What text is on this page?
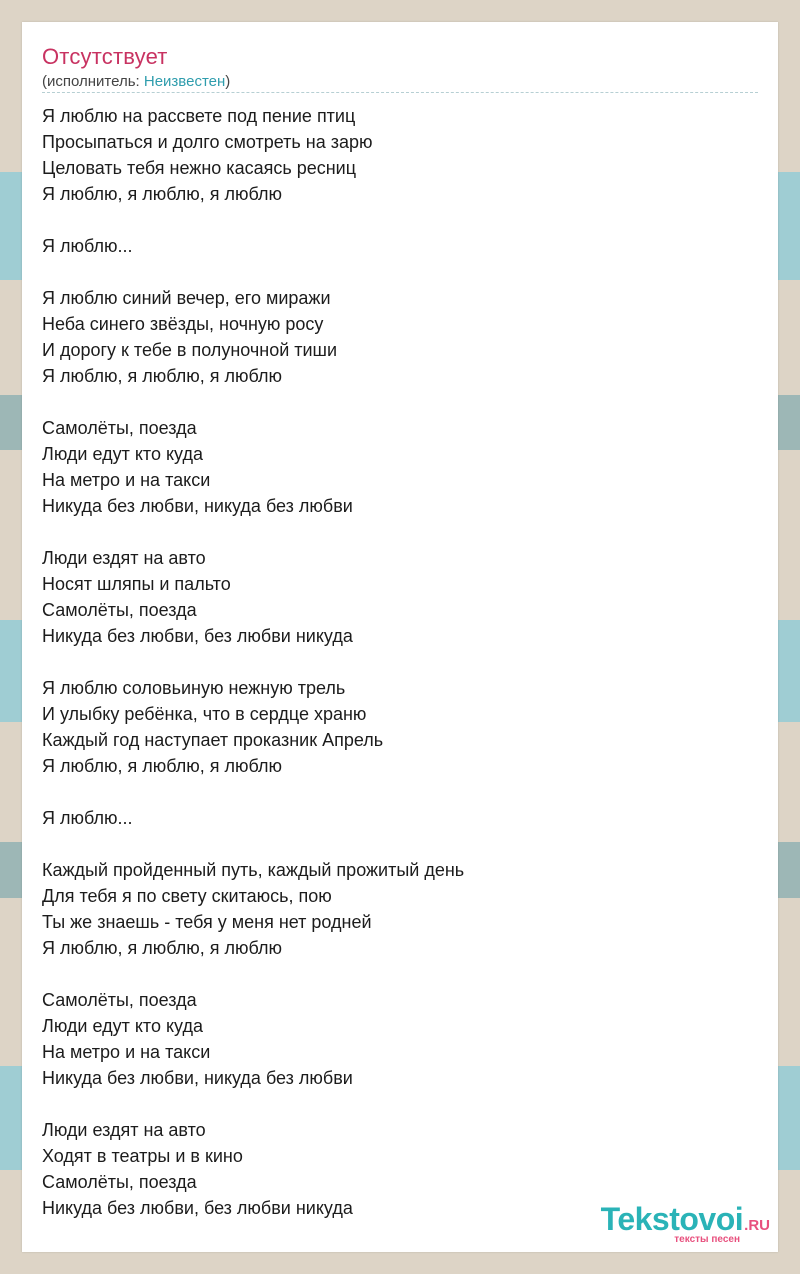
Отсутствует
(исполнитель: Неизвестен)
Я люблю на рассвете под пение птиц
Просыпаться и долго смотреть на зарю
Целовать тебя нежно касаясь ресниц
Я люблю, я люблю, я люблю
Я люблю...
Я люблю синий вечер, его миражи
Неба синего звёзды, ночную росу
И дорогу к тебе в полуночной тиши
Я люблю, я люблю, я люблю
Самолёты, поезда
Люди едут кто куда
На метро и на такси
Никуда без любви, никуда без любви
Люди ездят на авто
Носят шляпы и пальто
Самолёты, поезда
Никуда без любви, без любви никуда
Я люблю соловьиную нежную трель
И улыбку ребёнка, что в сердце храню
Каждый год наступает проказник Апрель
Я люблю, я люблю, я люблю
Я люблю...
Каждый пройденный путь, каждый прожитый день
Для тебя я по свету скитаюсь, пою
Ты же знаешь - тебя у меня нет родней
Я люблю, я люблю, я люблю
Самолёты, поезда
Люди едут кто куда
На метро и на такси
Никуда без любви, никуда без любви
Люди ездят на авто
Ходят в театры и в кино
Самолёты, поезда
Никуда без любви, без любви никуда	Tekstovoi.RU
тексты песен
